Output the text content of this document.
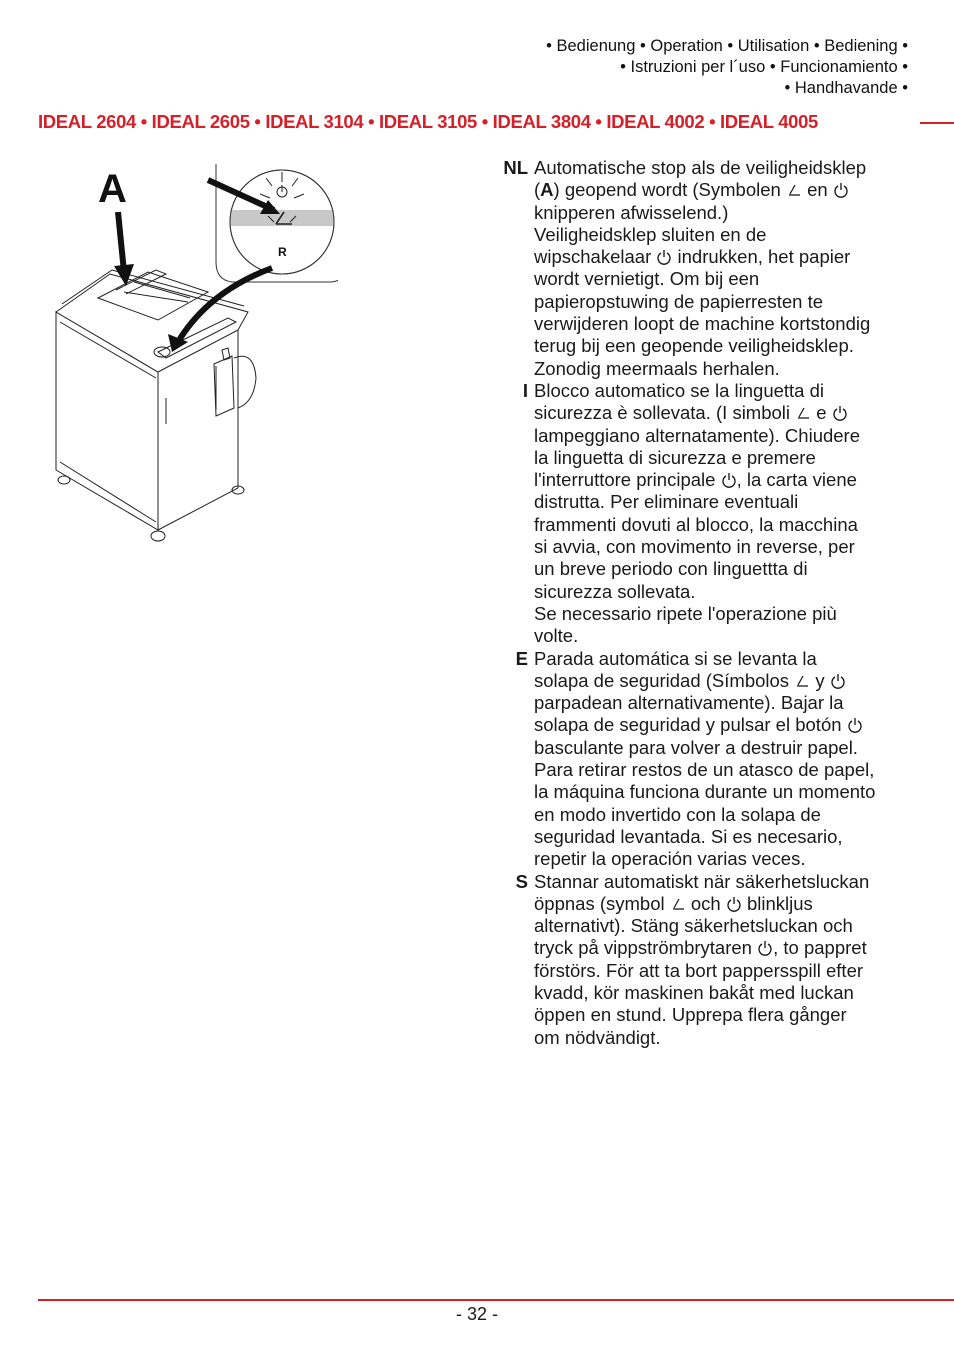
• Bedienung • Operation • Utilisation • Bediening •
• Istruzioni per l´uso • Funcionamiento •
• Handhavande •
IDEAL 2604 • IDEAL 2605 • IDEAL 3104 • IDEAL 3105 • IDEAL 3804 • IDEAL 4002 • IDEAL 4005
A
R
NL Automatische stop als de veiligheidsklep
(A) geopend wordt (Symbolen en
knipperen afwisselend.)
Veiligheidsklep sluiten en de
wipschakelaar indrukken, het papier
wordt vernietigt. Om bij een
papieropstuwing de papierresten te
verwijderen loopt de machine kortstondig
terug bij een geopende veiligheidsklep.
Zonodig meermaals herhalen.
I Blocco automatico se la linguetta di
sicurezza è sollevata. (I simboli e
lampeggiano alternatamente). Chiudere
la linguetta di sicurezza e premere
l'interruttore principale , la carta viene
distrutta. Per eliminare eventuali
frammenti dovuti al blocco, la macchina
si avvia, con movimento in reverse, per
un breve periodo con linguettta di
sicurezza sollevata.
Se necessario ripete l'operazione più
volte.
E Parada automática si se levanta la
solapa de seguridad (Símbolos y
parpadean alternativamente). Bajar la
solapa de seguridad y pulsar el botón
basculante para volver a destruir papel.
Para retirar restos de un atasco de papel,
la máquina funciona durante un momento
en modo invertido con la solapa de
seguridad levantada. Si es necesario,
repetir la operación varias veces.
S Stannar automatiskt när säkerhetsluckan
öppnas (symbol och blinkljus
alternativt). Stäng säkerhetsluckan och
tryck på vippströmbrytaren , to pappret
förstörs. För att ta bort pappersspill efter
kvadd, kör maskinen bakåt med luckan
öppen en stund. Upprepa flera gånger
om nödvändigt.
- 32 -
